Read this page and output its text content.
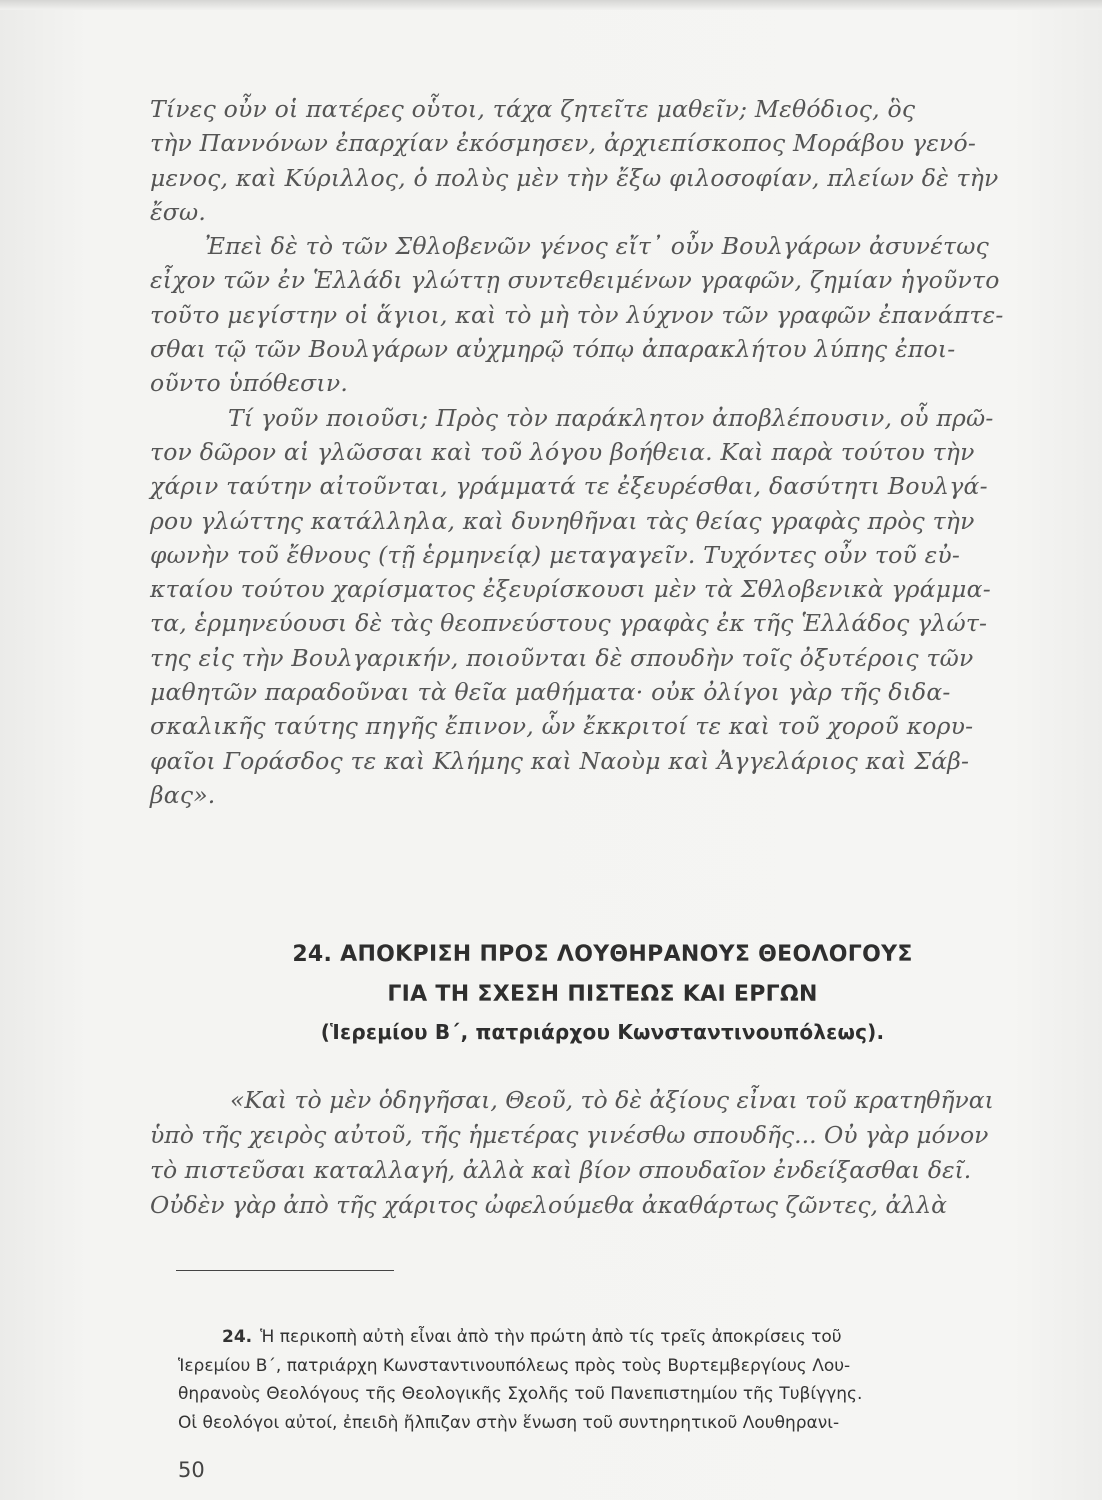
Τίνες οὖν οἱ πατέρες οὗτοι, τάχα ζητεῖτε μαθεῖν; Μεθόδιος, ὃς
τὴν Παννόνων ἐπαρχίαν ἐκόσμησεν, ἀρχιεπίσκοπος Μοράβου γενό-
μενος, καὶ Κύριλλος, ὁ πολὺς μὲν τὴν ἔξω φιλοσοφίαν, πλείων δὲ τὴν
ἔσω.
Ἐπεὶ δὲ τὸ τῶν Σθλοβενῶν γένος εἴτ᾽ οὖν Βουλγάρων ἀσυνέτως
εἶχον τῶν ἐν Ἑλλάδι γλώττῃ συντεθειμένων γραφῶν, ζημίαν ἡγοῦντο
τοῦτο μεγίστην οἱ ἅγιοι, καὶ τὸ μὴ τὸν λύχνον τῶν γραφῶν ἐπανάπτε-
σθαι τῷ τῶν Βουλγάρων αὐχμηρῷ τόπῳ ἀπαρακλήτου λύπης ἐποι-
οῦντο ὑπόθεσιν.
Τί γοῦν ποιοῦσι; Πρὸς τὸν παράκλητον ἀποβλέπουσιν, οὗ πρῶ-
τον δῶρον αἱ γλῶσσαι καὶ τοῦ λόγου βοήθεια. Καὶ παρὰ τούτου τὴν
χάριν ταύτην αἰτοῦνται, γράμματά τε ἐξευρέσθαι, δασύτητι Βουλγά-
ρου γλώττης κατάλληλα, καὶ δυνηθῆναι τὰς θείας γραφὰς πρὸς τὴν
φωνὴν τοῦ ἔθνους (τῇ ἑρμηνείᾳ) μεταγαγεῖν. Τυχόντες οὖν τοῦ εὐ-
κταίου τούτου χαρίσματος ἐξευρίσκουσι μὲν τὰ Σθλοβενικὰ γράμμα-
τα, ἑρμηνεύουσι δὲ τὰς θεοπνεύστους γραφὰς ἐκ τῆς Ἑλλάδος γλώτ-
της εἰς τὴν Βουλγαρικήν, ποιοῦνται δὲ σπουδὴν τοῖς ὀξυτέροις τῶν
μαθητῶν παραδοῦναι τὰ θεῖα μαθήματα· οὐκ ὀλίγοι γὰρ τῆς διδα-
σκαλικῆς ταύτης πηγῆς ἔπινον, ὧν ἔκκριτοί τε καὶ τοῦ χοροῦ κορυ-
φαῖοι Γοράσδος τε καὶ Κλήμης καὶ Ναοὺμ καὶ Ἀγγελάριος καὶ Σάβ-
βας».
24. ΑΠΟΚΡΙΣΗ ΠΡΟΣ ΛΟΥΘΗΡΑΝΟΥΣ ΘΕΟΛΟΓΟΥΣ
ΓΙΑ ΤΗ ΣΧΕΣΗ ΠΙΣΤΕΩΣ ΚΑΙ ΕΡΓΩΝ
(Ἱερεμίου Β´, πατριάρχου Κωνσταντινουπόλεως).
«Καὶ τὸ μὲν ὁδηγῆσαι, Θεοῦ, τὸ δὲ ἀξίους εἶναι τοῦ κρατηθῆναι
ὑπὸ τῆς χειρὸς αὐτοῦ, τῆς ἡμετέρας γινέσθω σπουδῆς... Οὐ γὰρ μόνον
τὸ πιστεῦσαι καταλλαγή, ἀλλὰ καὶ βίον σπουδαῖον ἐνδείξασθαι δεῖ.
Οὐδὲν γὰρ ἀπὸ τῆς χάριτος ὠφελούμεθα ἀκαθάρτως ζῶντες, ἀλλὰ
24. Ἡ περικοπὴ αὐτὴ εἶναι ἀπὸ τὴν πρώτη ἀπὸ τίς τρεῖς ἀποκρίσεις τοῦ
Ἱερεμίου Β´, πατριάρχη Κωνσταντινουπόλεως πρὸς τοὺς Βυρτεμβεργίους Λου-
θηρανοὺς Θεολόγους τῆς Θεολογικῆς Σχολῆς τοῦ Πανεπιστημίου τῆς Τυβίγγης.
Οἱ θεολόγοι αὐτοί, ἐπειδὴ ἤλπιζαν στὴν ἕνωση τοῦ συντηρητικοῦ Λουθηρανι-
50
